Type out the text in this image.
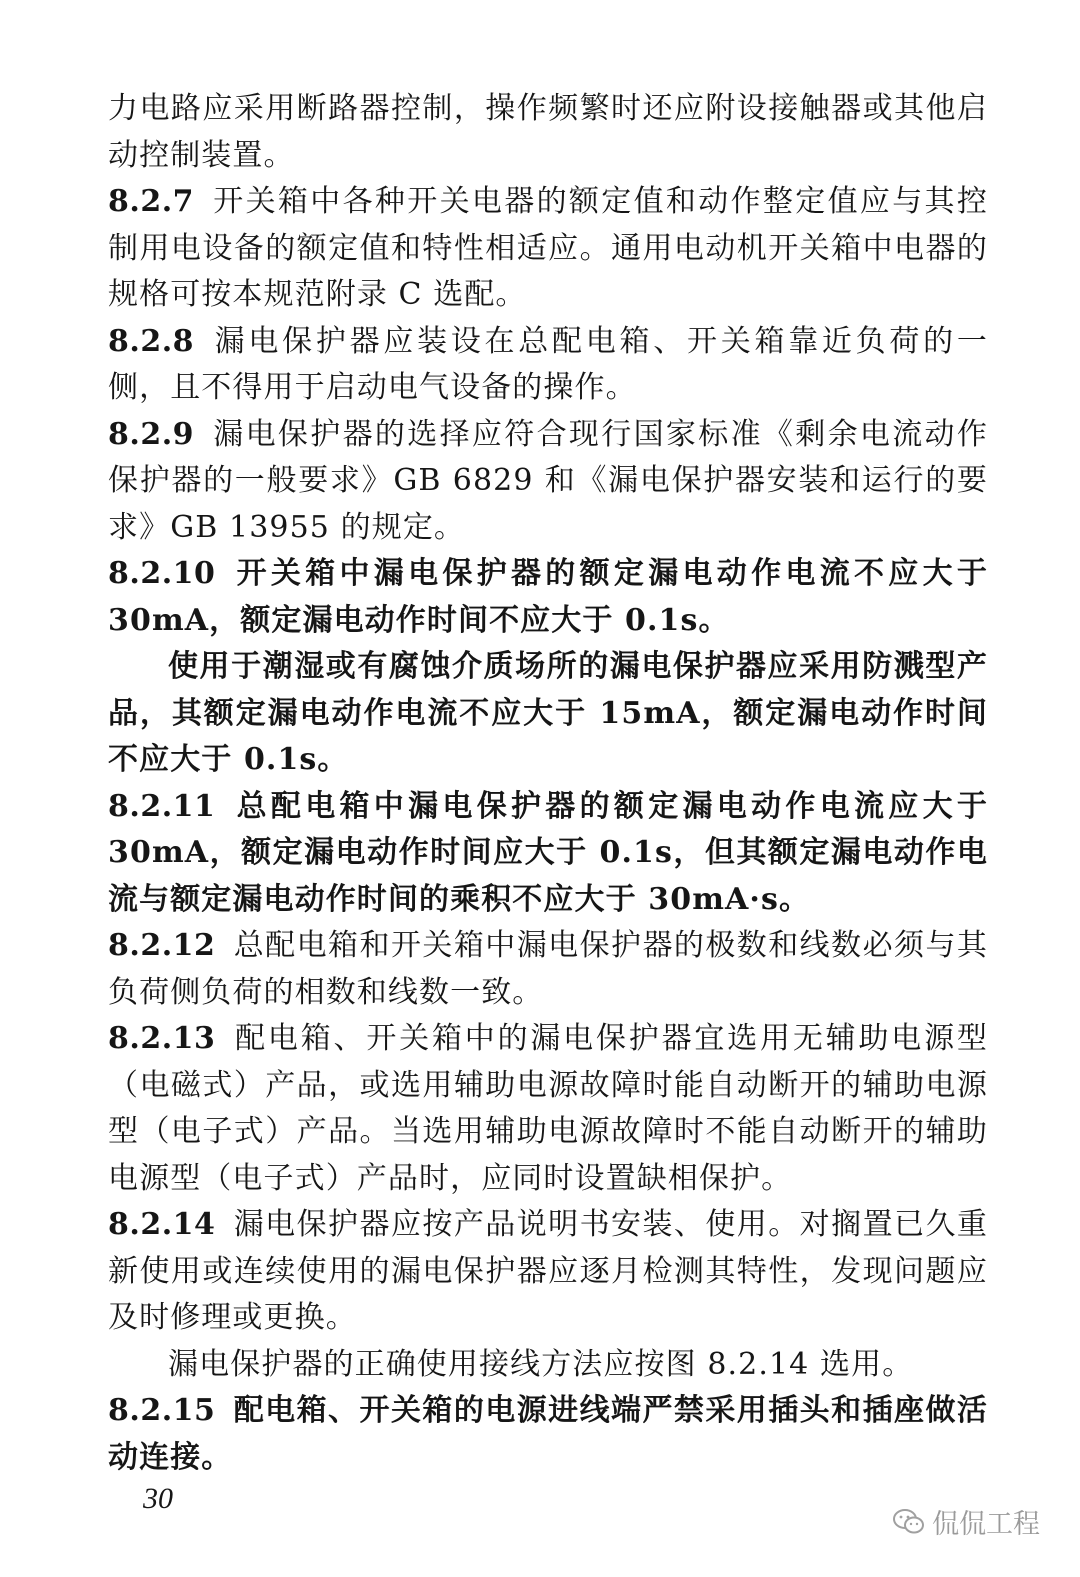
力电路应采用断路器控制，操作频繁时还应附设接触器或其他启动控制装置。

8.2.7 开关箱中各种开关电器的额定值和动作整定值应与其控制用电设备的额定值和特性相适应。通用电动机开关箱中电器的规格可按本规范附录 C 选配。

8.2.8 漏电保护器应装设在总配电箱、开关箱靠近负荷的一侧，且不得用于启动电气设备的操作。

8.2.9 漏电保护器的选择应符合现行国家标准《剩余电流动作保护器的一般要求》GB 6829 和《漏电保护器安装和运行的要求》GB 13955 的规定。

8.2.10 开关箱中漏电保护器的额定漏电动作电流不应大于 30mA，额定漏电动作时间不应大于 0.1s。

使用于潮湿或有腐蚀介质场所的漏电保护器应采用防溅型产品，其额定漏电动作电流不应大于 15mA，额定漏电动作时间不应大于 0.1s。

8.2.11 总配电箱中漏电保护器的额定漏电动作电流应大于 30mA，额定漏电动作时间应大于 0.1s，但其额定漏电动作电流与额定漏电动作时间的乘积不应大于 30mA·s。

8.2.12 总配电箱和开关箱中漏电保护器的极数和线数必须与其负荷侧负荷的相数和线数一致。

8.2.13 配电箱、开关箱中的漏电保护器宜选用无辅助电源型（电磁式）产品，或选用辅助电源故障时能自动断开的辅助电源型（电子式）产品。当选用辅助电源故障时不能自动断开的辅助电源型（电子式）产品时，应同时设置缺相保护。

8.2.14 漏电保护器应按产品说明书安装、使用。对搁置已久重新使用或连续使用的漏电保护器应逐月检测其特性，发现问题应及时修理或更换。

漏电保护器的正确使用接线方法应按图 8.2.14 选用。

8.2.15 配电箱、开关箱的电源进线端严禁采用插头和插座做活动连接。

30
侃侃工程
